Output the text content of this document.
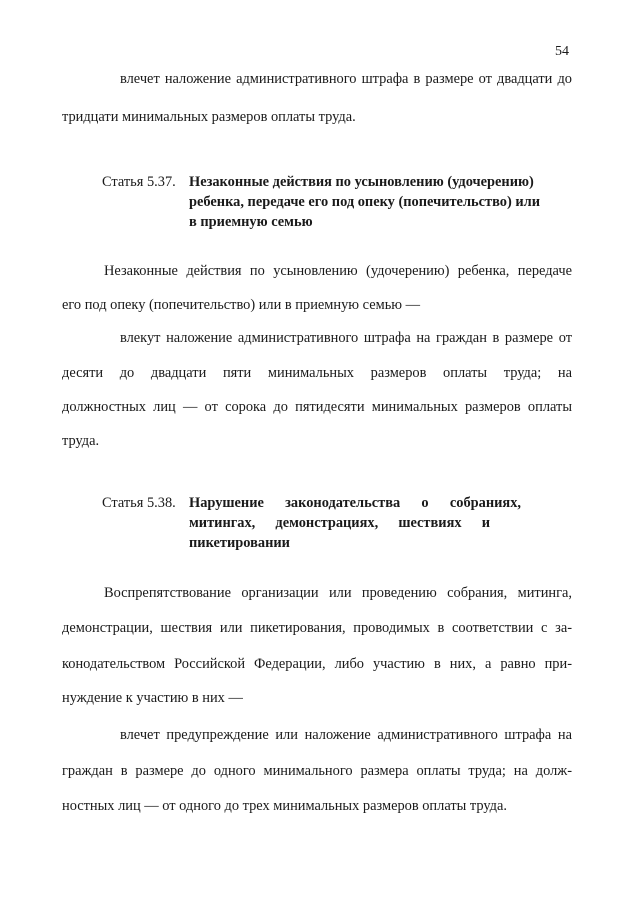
54
влечет наложение административного штрафа в размере от двадцати до
тридцати минимальных размеров оплаты труда.
Статья 5.37. Незаконные действия по усыновлению (удочерению)
ребенка, передаче его под опеку (попечительство) или
в приемную семью
Незаконные действия по усыновлению (удочерению) ребенка, передаче
его под опеку (попечительство) или в приемную семью —
влекут наложение административного штрафа на граждан в размере от
десяти до двадцати пяти минимальных размеров оплаты труда; на
должностных лиц — от сорока до пятидесяти минимальных размеров оплаты
труда.
Статья 5.38. Нарушение законодательства о собраниях,
митингах, демонстрациях, шествиях и
пикетировании
Воспрепятствование организации или проведению собрания, митинга,
демонстрации, шествия или пикетирования, проводимых в соответствии с за-
конодательством Российской Федерации, либо участию в них, а равно при-
нуждение к участию в них —
влечет предупреждение или наложение административного штрафа на
граждан в размере до одного минимального размера оплаты труда; на долж-
ностных лиц — от одного до трех минимальных размеров оплаты труда.
